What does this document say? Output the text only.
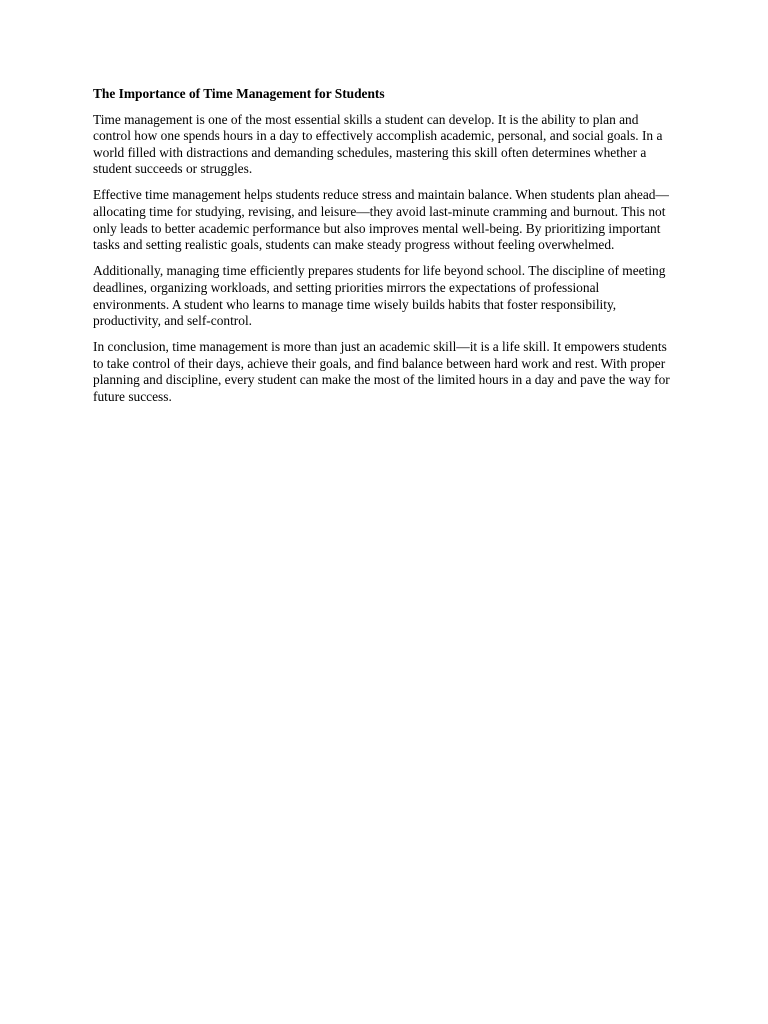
The Importance of Time Management for Students

Time management is one of the most essential skills a student can develop. It is the ability to plan and control how one spends hours in a day to effectively accomplish academic, personal, and social goals. In a world filled with distractions and demanding schedules, mastering this skill often determines whether a student succeeds or struggles.

Effective time management helps students reduce stress and maintain balance. When students plan ahead—allocating time for studying, revising, and leisure—they avoid last-minute cramming and burnout. This not only leads to better academic performance but also improves mental well-being. By prioritizing important tasks and setting realistic goals, students can make steady progress without feeling overwhelmed.

Additionally, managing time efficiently prepares students for life beyond school. The discipline of meeting deadlines, organizing workloads, and setting priorities mirrors the expectations of professional environments. A student who learns to manage time wisely builds habits that foster responsibility, productivity, and self-control.

In conclusion, time management is more than just an academic skill—it is a life skill. It empowers students to take control of their days, achieve their goals, and find balance between hard work and rest. With proper planning and discipline, every student can make the most of the limited hours in a day and pave the way for future success.
